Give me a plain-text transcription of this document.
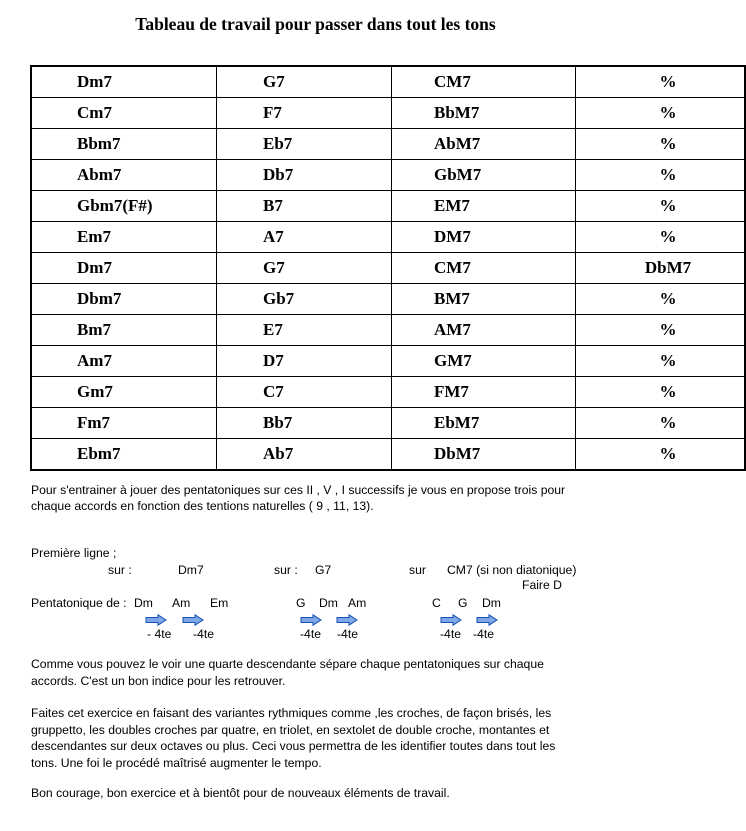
Tableau de travail pour passer dans tout les tons
Dm7	G7	CM7	%
Cm7	F7	BbM7	%
Bbm7	Eb7	AbM7	%
Abm7	Db7	GbM7	%
Gbm7(F#)	B7	EM7	%
Em7	A7	DM7	%
Dm7	G7	CM7	DbM7
Dbm7	Gb7	BM7	%
Bm7	E7	AM7	%
Am7	D7	GM7	%
Gm7	C7	FM7	%
Fm7	Bb7	EbM7	%
Ebm7	Ab7	DbM7	%
Pour s'entrainer à jouer des pentatoniques sur ces II , V , I successifs je vous en propose trois pour
chaque accords en fonction des tentions naturelles ( 9 , 11, 13).
Première ligne ;
sur :	Dm7	sur : G7	sur CM7 (si non diatonique)
Faire D
Pentatonique de : Dm Am Em	G Dm Am	C G Dm
- 4te -4te	-4te -4te	-4te -4te
Comme vous pouvez le voir une quarte descendante sépare chaque pentatoniques sur chaque
accords. C'est un bon indice pour les retrouver.
Faites cet exercice en faisant des variantes rythmiques comme ,les croches, de façon brisés, les
gruppetto, les doubles croches par quatre, en triolet, en sextolet de double croche, montantes et
descendantes sur deux octaves ou plus. Ceci vous permettra de les identifier toutes dans tout les
tons. Une foi le procédé maîtrisé augmenter le tempo.
Bon courage, bon exercice et à bientôt pour de nouveaux éléments de travail.
